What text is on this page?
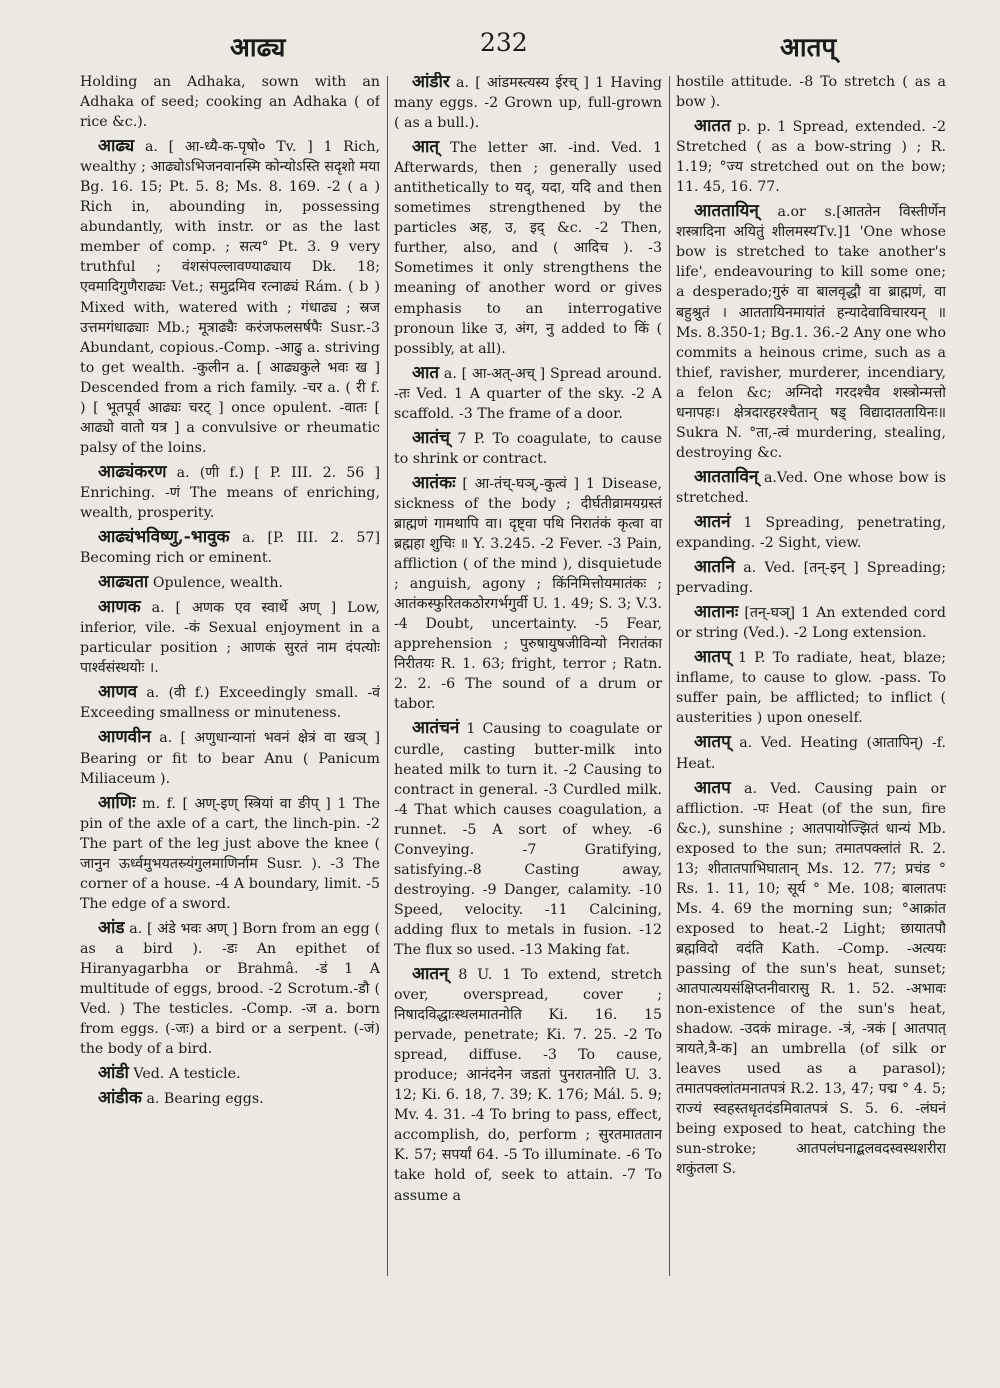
आढ्य	232	आतप्

Holding an Adhaka, sown with an Adhaka of seed; cooking an Adhaka ( of rice &c.).

आढ्य a. [ आ-ध्यै-क-पृषो० Tv. ] 1 Rich, wealthy ; आढ्योऽभिजनवानस्मि कोन्योऽस्ति सदृशो मया Bg. 16. 15; Pt. 5. 8; Ms. 8. 169. -2 ( a ) Rich in, abounding in, possessing abundantly, with instr. or as the last member of comp. ; सत्य° Pt. 3. 9 very truthful ; वंशसंपल्लावण्याढ्याय Dk. 18; एवमादिगुणैराढ्यः Vet.; समुद्रमिव रत्नाढ्यं Rám. ( b ) Mixed with, watered with ; गंधाढ्य ; स्रज उत्तमगंधाढ्याः Mb.; मूत्राढ्यैः करंजफलसर्षपैः Susr.-3 Abundant, copious.-Comp. -आढु a. striving to get wealth. -कुलीन a. [ आढ्यकुले भवः ख ] Descended from a rich family. -चर a. ( री f. ) [ भूतपूर्व आढ्यः चरट् ] once opulent. -वातः [ आढ्यो वातो यत्र ] a convulsive or rheumatic palsy of the loins.

आढ्यंकरण a. (णी f.) [ P. III. 2. 56 ] Enriching. -णं The means of enriching, wealth, prosperity.

आढ्यंभविष्णु,-भावुक a. [P. III. 2. 57] Becoming rich or eminent.

आढ्यता Opulence, wealth.

आणक a. [ अणक एव स्वार्थे अण् ] Low, inferior, vile. -कं Sexual enjoyment in a particular position ; आणकं सुरतं नाम दंपत्योः पार्श्वसंस्थयोः ।.

आणव a. (वी f.) Exceedingly small. -वं Exceeding smallness or minuteness.

आणवीन a. [ अणुधान्यानां भवनं क्षेत्रं वा खञ् ] Bearing or fit to bear Anu ( Panicum Miliaceum ).

आणिः m. f. [ अण्-इण् स्त्रियां वा ङीप् ] 1 The pin of the axle of a cart, the linch-pin. -2 The part of the leg just above the knee ( जानुन ऊर्ध्वमुभयतस्र्यंगुलमाणिर्नाम Susr. ). -3 The corner of a house. -4 A boundary, limit. -5 The edge of a sword.

आंड a. [ अंडे भवः अण् ] Born from an egg ( as a bird ). -डः An epithet of Hiranyagarbha or Brahmâ. -डं 1 A multitude of eggs, brood. -2 Scrotum.-डौ ( Ved. ) The testicles. -Comp. -ज a. born from eggs. (-जः) a bird or a serpent. (-जं) the body of a bird.

आंडी Ved. A testicle.

आंडीक a. Bearing eggs.

आंडीर a. [ आंडमस्त्यस्य ईरच् ] 1 Having many eggs. -2 Grown up, full-grown ( as a bull.).

आत् The letter आ. -ind. Ved. 1 Afterwards, then ; generally used antithetically to यद्, यदा, यदि and then sometimes strengthened by the particles अह, उ, इद् &c. -2 Then, further, also, and ( आदिच ). -3 Sometimes it only strengthens the meaning of another word or gives emphasis to an interrogative pronoun like उ, अंग, नु added to किं ( possibly, at all).

आत a. [ आ-अत्-अच् ] Spread around. -तः Ved. 1 A quarter of the sky. -2 A scaffold. -3 The frame of a door.

आतंच् 7 P. To coagulate, to cause to shrink or contract.

आतंकः [ आ-तंच्-घञ्,-कुत्वं ] 1 Disease, sickness of the body ; दीर्घतीव्रामयग्रस्तं ब्राह्मणं गामथापि वा। दृष्ट्वा पथि निरातंकं कृत्वा वा ब्रह्महा शुचिः ॥ Y. 3.245. -2 Fever. -3 Pain, affliction ( of the mind ), disquietude ; anguish, agony ; किंनिमित्तोयमातंकः ; आतंकस्फुरितकठोरगर्भगुर्वी U. 1. 49; S. 3; V.3. -4 Doubt, uncertainty. -5 Fear, apprehension ; पुरुषायुषजीविन्यो निरातंका निरीतयः R. 1. 63; fright, terror ; Ratn. 2. 2. -6 The sound of a drum or tabor.

आतंचनं 1 Causing to coagulate or curdle, casting butter-milk into heated milk to turn it. -2 Causing to contract in general. -3 Curdled milk. -4 That which causes coagulation, a runnet. -5 A sort of whey. -6 Conveying. -7 Gratifying, satisfying.-8 Casting away, destroying. -9 Danger, calamity. -10 Speed, velocity. -11 Calcining, adding flux to metals in fusion. -12 The flux so used. -13 Making fat.

आतन् 8 U. 1 To extend, stretch over, overspread, cover ; निषादविद्धाःस्थलमातनोति Ki. 16. 15 pervade, penetrate; Ki. 7. 25. -2 To spread, diffuse. -3 To cause, produce; आनंदनेन जडतां पुनरातनोति U. 3. 12; Ki. 6. 18, 7. 39; K. 176; Mál. 5. 9; Mv. 4. 31. -4 To bring to pass, effect, accomplish, do, perform ; सुरतमाततान K. 57; सपर्यां 64. -5 To illuminate. -6 To take hold of, seek to attain. -7 To assume a

hostile attitude. -8 To stretch ( as a bow ).

आतत p. p. 1 Spread, extended. -2 Stretched ( as a bow-string ) ; R. 1.19; °ज्य stretched out on the bow; 11. 45, 16. 77.

आततायिन् a.or s.[आततेन विस्तीर्णेन शस्त्रादिना अयितुं शीलमस्यTv.]1 'One whose bow is stretched to take another's life', endeavouring to kill some one; a desperado;गुरुं वा बालवृद्धौ वा ब्राह्मणं, वा बहुश्रुतं । आततायिनमायांतं हन्यादेवाविचारयन् ॥ Ms. 8.350-1; Bg.1. 36.-2 Any one who commits a heinous crime, such as a thief, ravisher, murderer, incendiary, a felon &c; अग्निदो गरदश्चैव शस्त्रोन्मत्तो धनापहः। क्षेत्रदारहरश्चैतान् षड् विद्यादाततायिनः॥ Sukra N. °ता,-त्वं murdering, stealing, destroying &c.

आतताविन् a.Ved. One whose bow is stretched.

आतनं 1 Spreading, penetrating, expanding. -2 Sight, view.

आतनि a. Ved. [तन्-इन् ] Spreading; pervading.

आतानः [तन्-घञ्] 1 An extended cord or string (Ved.). -2 Long extension.

आतप् 1 P. To radiate, heat, blaze; inflame, to cause to glow. -pass. To suffer pain, be afflicted; to inflict ( austerities ) upon oneself.

आतप् a. Ved. Heating (आतापिन्) -f. Heat.

आतप a. Ved. Causing pain or affliction. -पः Heat (of the sun, fire &c.), sunshine ; आतपायोज्झितं धान्यं Mb. exposed to the sun; तमातपक्लांतं R. 2. 13; शीतातपाभिघातान् Ms. 12. 77; प्रचंड ° Rs. 1. 11, 10; सूर्य ° Me. 108; बालातपः Ms. 4. 69 the morning sun; °आक्रांत exposed to heat.-2 Light; छायातपौ ब्रह्मविदो वदंति Kath. -Comp. -अत्ययः passing of the sun's heat, sunset; आतपात्ययसंक्षिप्तनीवारासु R. 1. 52. -अभावः non-existence of the sun's heat, shadow. -उदकं mirage. -त्रं, -त्रकं [ आतपात् त्रायते,त्रै-क] an umbrella (of silk or leaves used as a parasol); तमातपक्लांतमनातपत्रं R.2. 13, 47; पद्म ° 4. 5; राज्यं स्वहस्तधृतदंडमिवातपत्रं S. 5. 6. -लंघनं being exposed to heat, catching the sun-stroke; आतपलंघनाद्बलवदस्वस्थशरीरा शकुंतला S.
